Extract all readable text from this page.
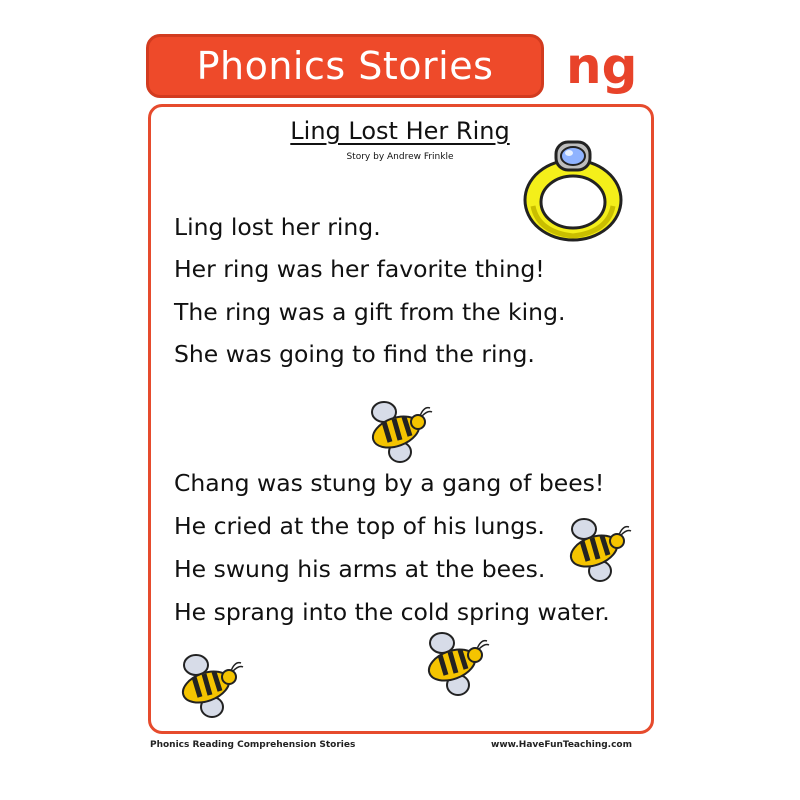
Phonics Stories ng
Ling Lost Her Ring
Story by Andrew Frinkle
Ling lost her ring.
Her ring was her favorite thing!
The ring was a gift from the king.
She was going to find the ring.
Chang was stung by a gang of bees!
He cried at the top of his lungs.
He swung his arms at the bees.
He sprang into the cold spring water.
Phonics Reading Comprehension Stories	www.HaveFunTeaching.com
